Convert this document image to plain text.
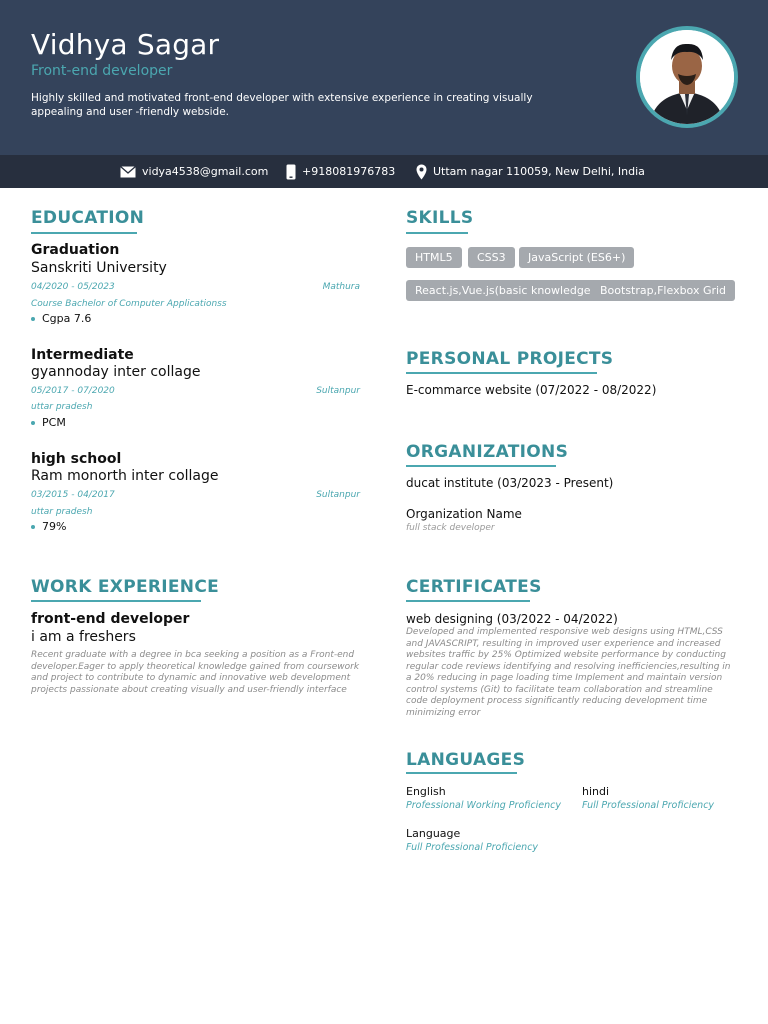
Vidhya Sagar
Front-end developer
Highly skilled and motivated front-end developer with extensive experience in creating visually appealing and user -friendly webside.
vidya4538@gmail.com	+918081976783	Uttam nagar 110059, New Delhi, India
EDUCATION
Graduation
Sanskriti University
04/2020 - 05/2023	Mathura
Course Bachelor of Computer Applicationss
Cgpa 7.6
Intermediate
gyannoday inter collage
05/2017 - 07/2020	Sultanpur
uttar pradesh
PCM
high school
Ram monorth inter collage
03/2015 - 04/2017	Sultanpur
uttar pradesh
79%
WORK EXPERIENCE
front-end developer
i am a freshers
Recent graduate with a degree in bca seeking a position as a Front-end developer.Eager to apply theoretical knowledge gained from coursework and project to contribute to dynamic and innovative web development projects passionate about creating visually and user-friendly interface
SKILLS
HTML5	CSS3	JavaScript (ES6+)
React.js,Vue.js(basic knowledge Bootstrap,Flexbox Grid
PERSONAL PROJECTS
E-commarce website (07/2022 - 08/2022)
ORGANIZATIONS
ducat institute (03/2023 - Present)
Organization Name
full stack developer
CERTIFICATES
web designing (03/2022 - 04/2022)
Developed and implemented responsive web designs using HTML,CSS and JAVASCRIPT, resulting in improved user experience and increased websites traffic by 25% Optimized website performance by conducting regular code reviews identifying and resolving inefficiencies,resulting in a 20% reducing in page loading time Implement and maintain version control systems (Git) to facilitate team collaboration and streamline code deployment process significantly reducing development time minimizing error
LANGUAGES
English
Professional Working Proficiency
hindi
Full Professional Proficiency
Language
Full Professional Proficiency
